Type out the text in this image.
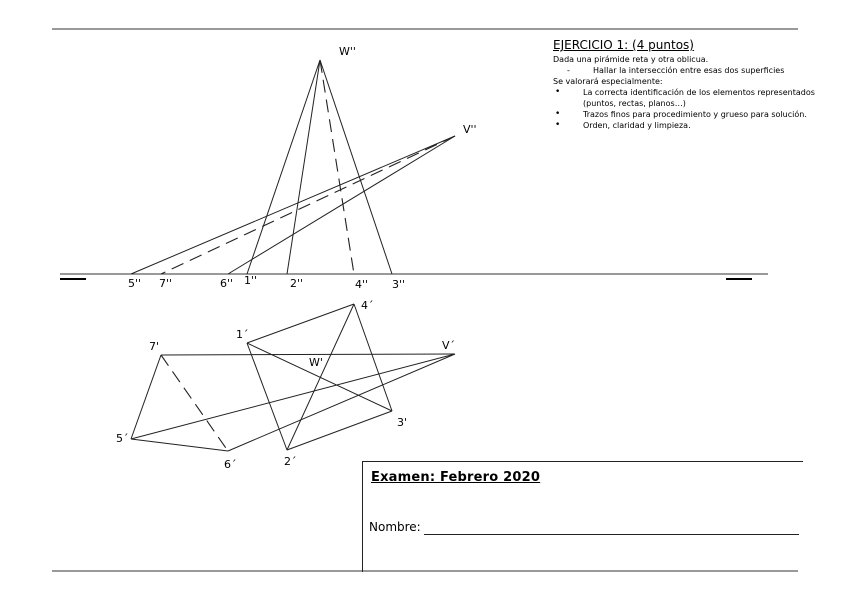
W''
V''
5'' 7''	6'' 1''	2''	4'' 3''
W'
V´
1´
2´
3'
4´
5´
6´
7'
EJERCICIO 1: (4 puntos)
Dada una pirámide reta y otra oblicua.
-	Hallar la intersección entre esas dos superficies
Se valorará especialmente:
• La correcta identificación de los elementos representados (puntos, rectas, planos…)
• Trazos finos para procedimiento y grueso para solución.
• Orden, claridad y limpieza.
Examen: Febrero 2020
Nombre:
